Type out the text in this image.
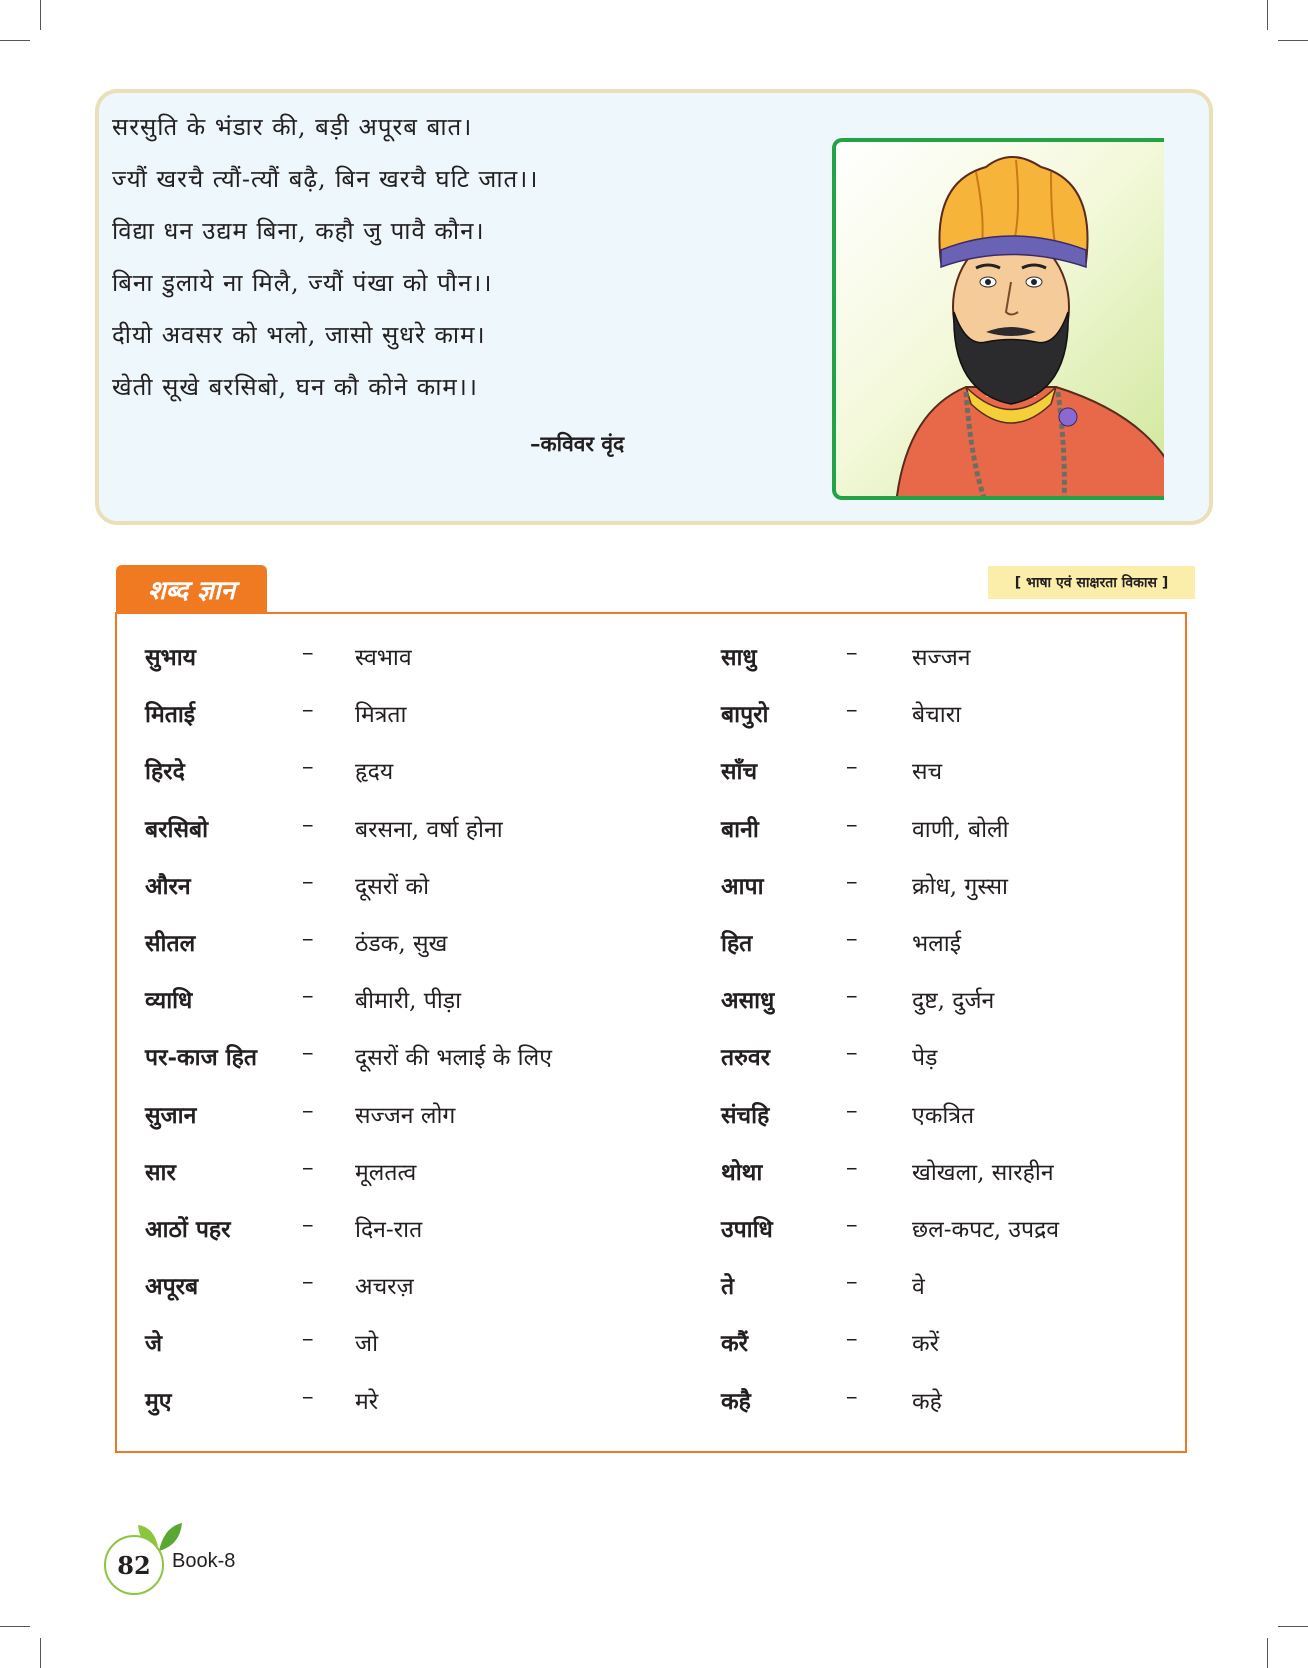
सरसुति के भंडार की, बड़ी अपूरब बात।
ज्यौं खरचै त्यौं-त्यौं बढ़ै, बिन खरचै घटि जात।।
विद्या धन उद्यम बिना, कहौ जु पावै कौन।
बिना डुलाये ना मिलै, ज्यौं पंखा को पौन।।
दीयो अवसर को भलो, जासो सुधरे काम।
खेती सूखे बरसिबो, घन कौ कोने काम।।
–कविवर वृंद
शब्द ज्ञान	[ भाषा एवं साक्षरता विकास ]
सुभाय	– स्वभाव	साधु	– सज्जन
मिताई	– मित्रता	बापुरो	– बेचारा
हिरदे	– हृदय	साँच	– सच
बरसिबो	– बरसना, वर्षा होना	बानी	– वाणी, बोली
औरन	– दूसरों को	आपा	– क्रोध, गुस्सा
सीतल	– ठंडक, सुख	हित	– भलाई
व्याधि	– बीमारी, पीड़ा	असाधु	– दुष्ट, दुर्जन
पर-काज हित – दूसरों की भलाई के लिए	तरुवर	– पेड़
सुजान	– सज्जन लोग	संचहि	– एकत्रित
सार	– मूलतत्व	थोथा	– खोखला, सारहीन
आठों पहर	– दिन-रात	उपाधि	– छल-कपट, उपद्रव
अपूरब	– अचरज़	ते	– वे
जे	– जो	करैं	– करें
मुए	– मरे	कहै	– कहे
82	Book-8
